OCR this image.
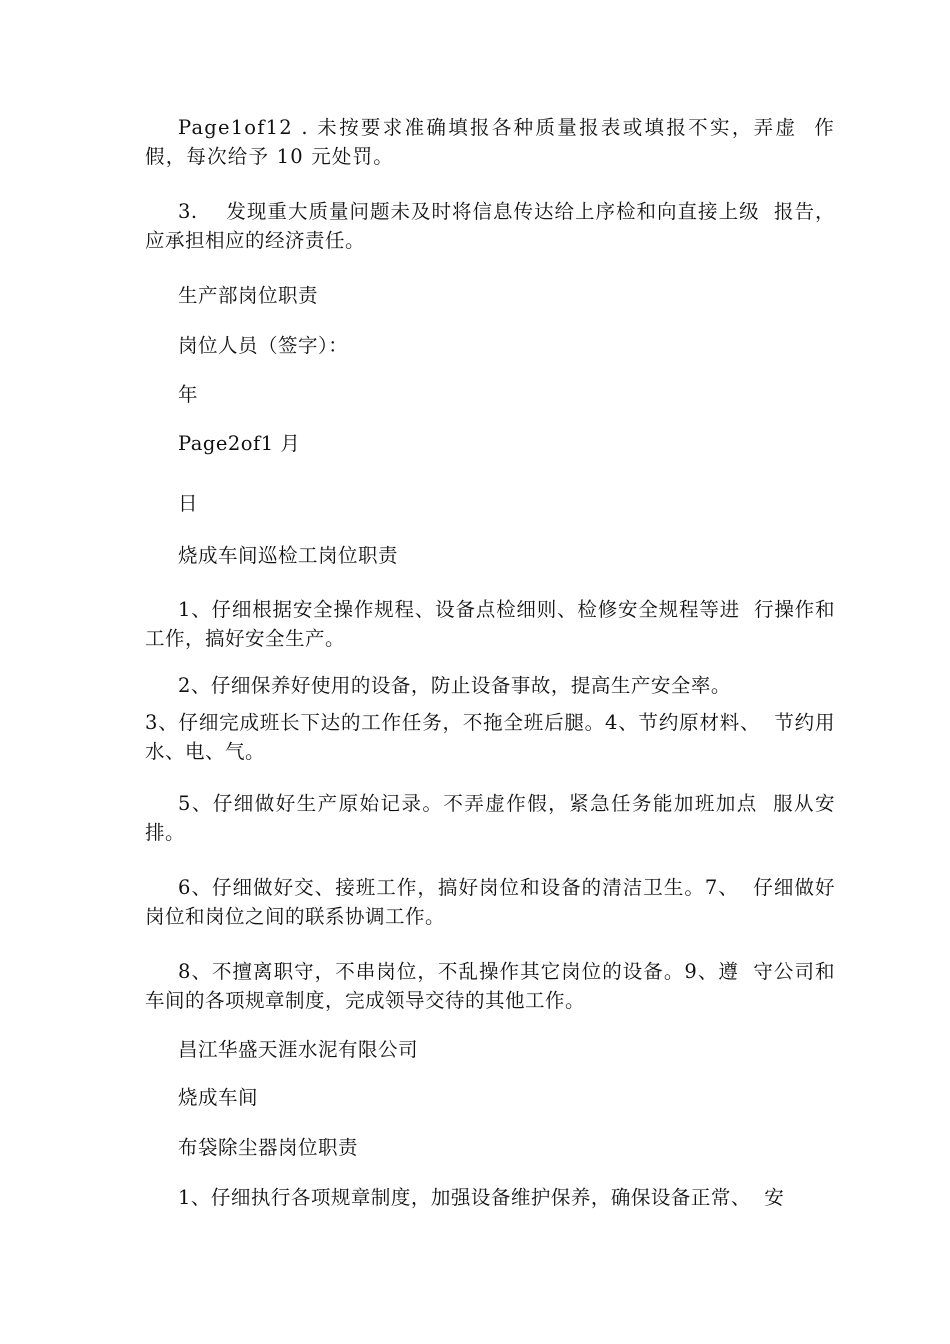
Page1of12 . 未按要求准确填报各种质量报表或填报不实，弄虚  作假，每次给予 10 元处罚。
3.    发现重大质量问题未及时将信息传达给上序检和向直接上级  报告，应承担相应的经济责任。
生产部岗位职责
岗位人员（签字）：
年
Page2of1 月
日
烧成车间巡检工岗位职责
1、仔细根据安全操作规程、设备点检细则、检修安全规程等进  行操作和工作，搞好安全生产。
2、仔细保养好使用的设备，防止设备事故，提高生产安全率。
3、仔细完成班长下达的工作任务，不拖全班后腿。4、节约原材料、  节约用水、电、气。
5、仔细做好生产原始记录。不弄虚作假，紧急任务能加班加点  服从安排。
6、仔细做好交、接班工作，搞好岗位和设备的清洁卫生。7、  仔细做好岗位和岗位之间的联系协调工作。
8、不擅离职守，不串岗位，不乱操作其它岗位的设备。9、遵  守公司和车间的各项规章制度，完成领导交待的其他工作。
昌江华盛天涯水泥有限公司
烧成车间
布袋除尘器岗位职责
1、仔细执行各项规章制度，加强设备维护保养，确保设备正常、  安
